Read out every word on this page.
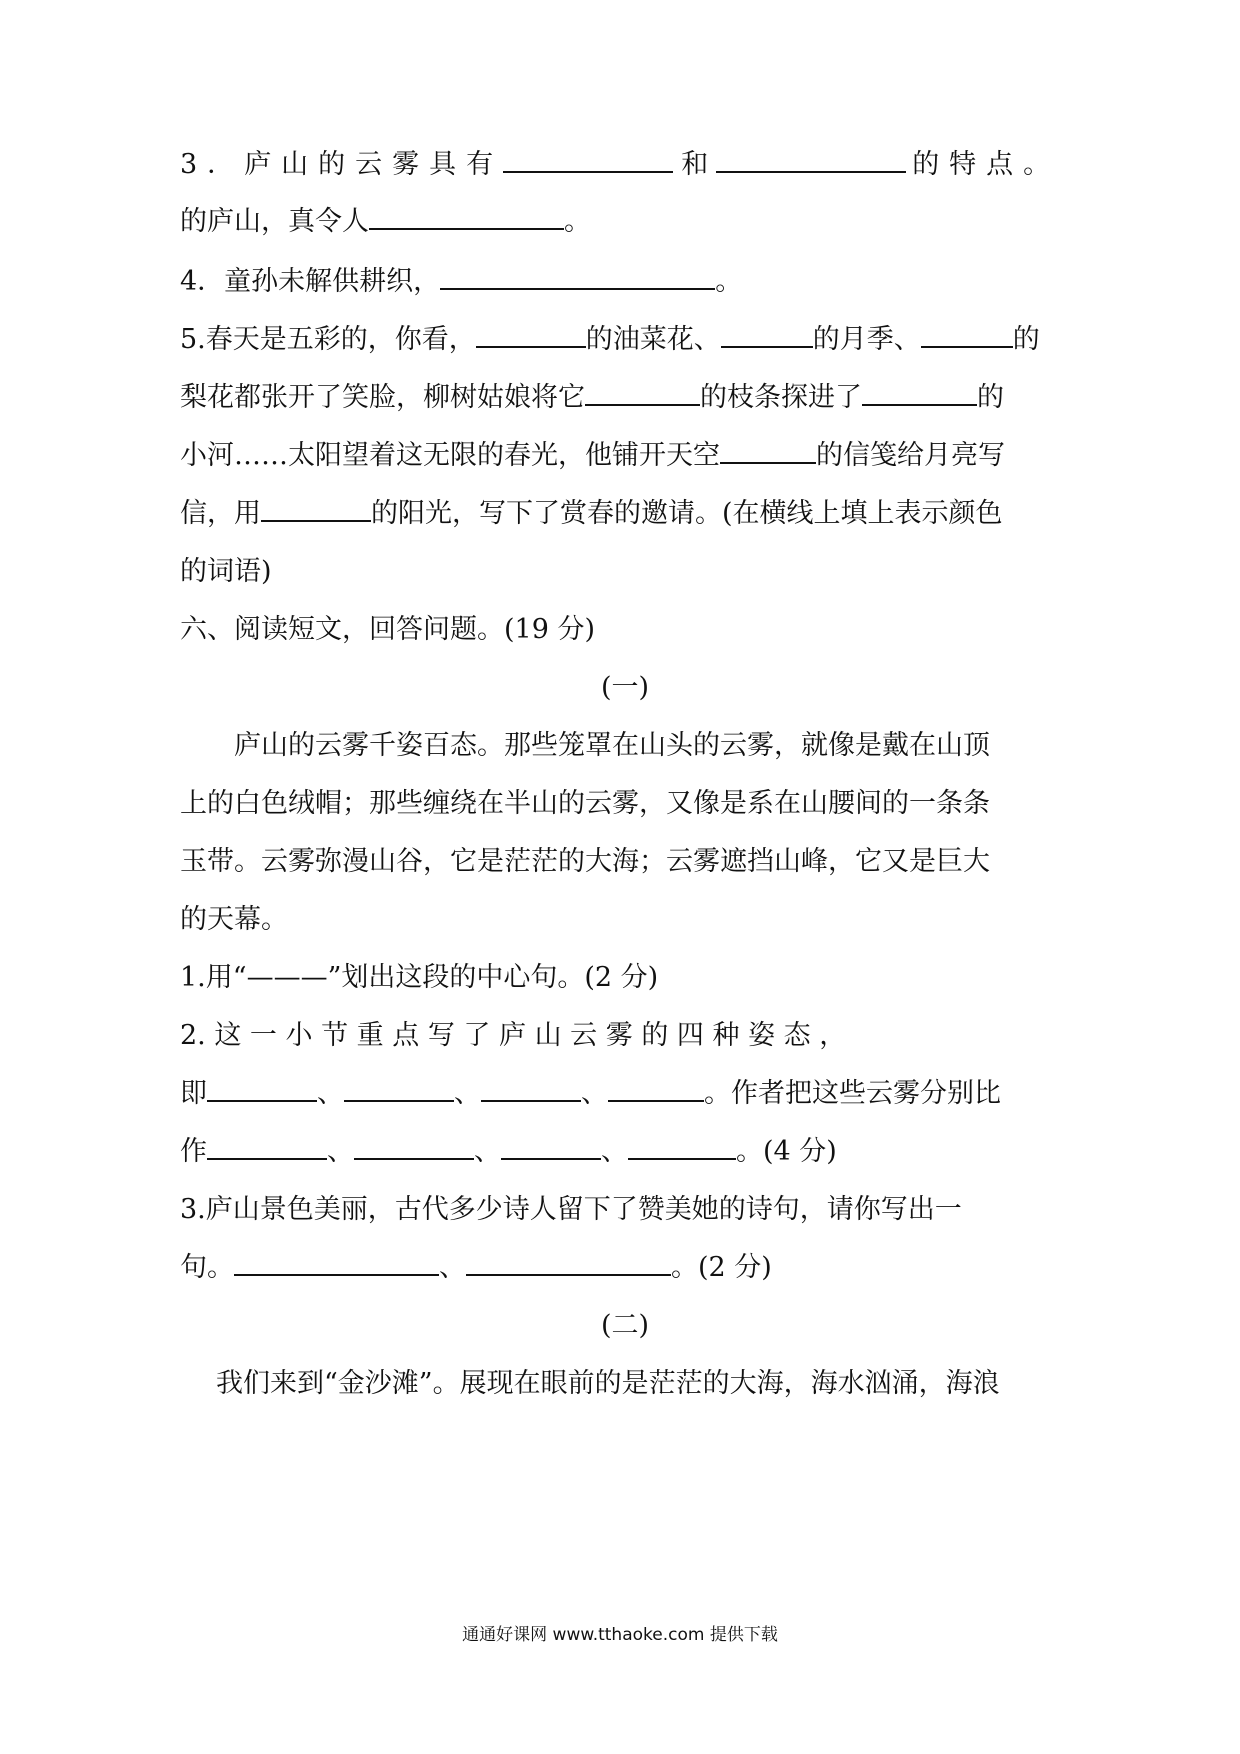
3．庐山的云雾具有	和	的特点。
的庐山，真令人	。
4．童孙未解供耕织，	。
5.春天是五彩的，你看，	的油菜花、	的月季、	的
梨花都张开了笑脸，柳树姑娘将它	的枝条探进了	的
小河……太阳望着这无限的春光，他铺开天空	的信笺给月亮写
信，用	的阳光，写下了赏春的邀请。(在横线上填上表示颜色
的词语)
六、阅读短文，回答问题。(19 分)
(一)
庐山的云雾千姿百态。那些笼罩在山头的云雾，就像是戴在山顶
上的白色绒帽；那些缠绕在半山的云雾，又像是系在山腰间的一条条
玉带。云雾弥漫山谷，它是茫茫的大海；云雾遮挡山峰，它又是巨大
的天幕。
1.用“———”划出这段的中心句。(2 分)
2. 这 一 小 节 重 点 写 了 庐 山 云 雾 的 四 种 姿 态 ，
即	、	、	、	。作者把这些云雾分别比
作	、	、	、	。(4 分)
3.庐山景色美丽，古代多少诗人留下了赞美她的诗句，请你写出一
句。	、	。(2 分)
(二)
我们来到“金沙滩”。展现在眼前的是茫茫的大海，海水汹涌，海浪
通通好课网 www.tthaoke.com 提供下载
